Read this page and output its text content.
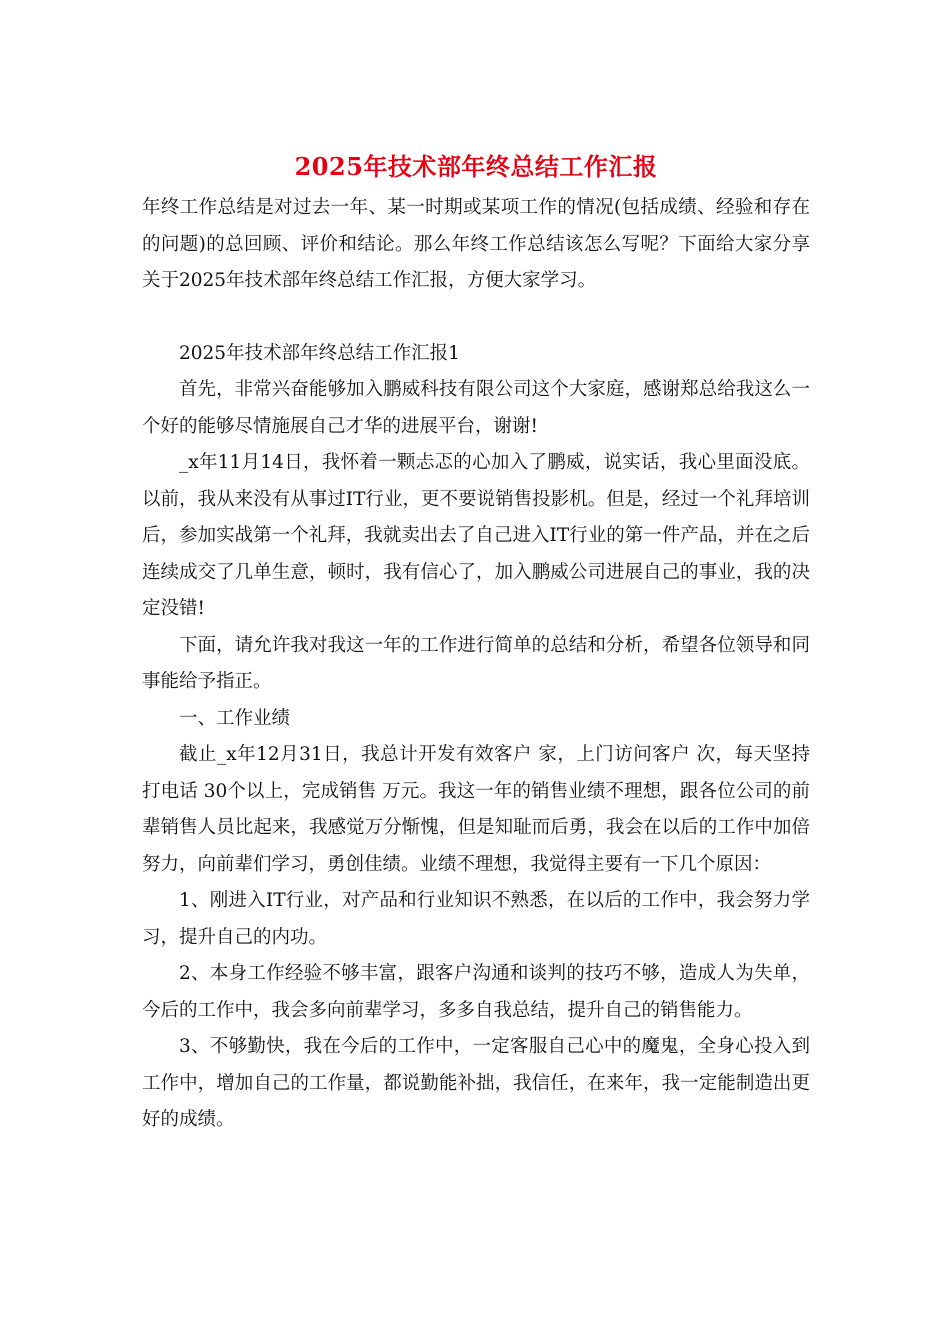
2025年技术部年终总结工作汇报

年终工作总结是对过去一年、某一时期或某项工作的情况(包括成绩、经验和存在的问题)的总回顾、评价和结论。那么年终工作总结该怎么写呢？下面给大家分享关于2025年技术部年终总结工作汇报，方便大家学习。

2025年技术部年终总结工作汇报1

首先，非常兴奋能够加入鹏威科技有限公司这个大家庭，感谢郑总给我这么一个好的能够尽情施展自己才华的进展平台，谢谢!

_x年11月14日，我怀着一颗忐忑的心加入了鹏威，说实话，我心里面没底。以前，我从来没有从事过IT行业，更不要说销售投影机。但是，经过一个礼拜培训后，参加实战第一个礼拜，我就卖出去了自己进入IT行业的第一件产品，并在之后连续成交了几单生意，顿时，我有信心了，加入鹏威公司进展自己的事业，我的决定没错!

下面，请允许我对我这一年的工作进行简单的总结和分析，希望各位领导和同事能给予指正。

一、工作业绩

截止_x年12月31日，我总计开发有效客户 家，上门访问客户 次，每天坚持打电话 30个以上，完成销售 万元。我这一年的销售业绩不理想，跟各位公司的前辈销售人员比起来，我感觉万分惭愧，但是知耻而后勇，我会在以后的工作中加倍努力，向前辈们学习，勇创佳绩。业绩不理想，我觉得主要有一下几个原因：

1、刚进入IT行业，对产品和行业知识不熟悉，在以后的工作中，我会努力学习，提升自己的内功。

2、本身工作经验不够丰富，跟客户沟通和谈判的技巧不够，造成人为失单，今后的工作中，我会多向前辈学习，多多自我总结，提升自己的销售能力。

3、不够勤快，我在今后的工作中，一定客服自己心中的魔鬼，全身心投入到工作中，增加自己的工作量，都说勤能补拙，我信任，在来年，我一定能制造出更好的成绩。
